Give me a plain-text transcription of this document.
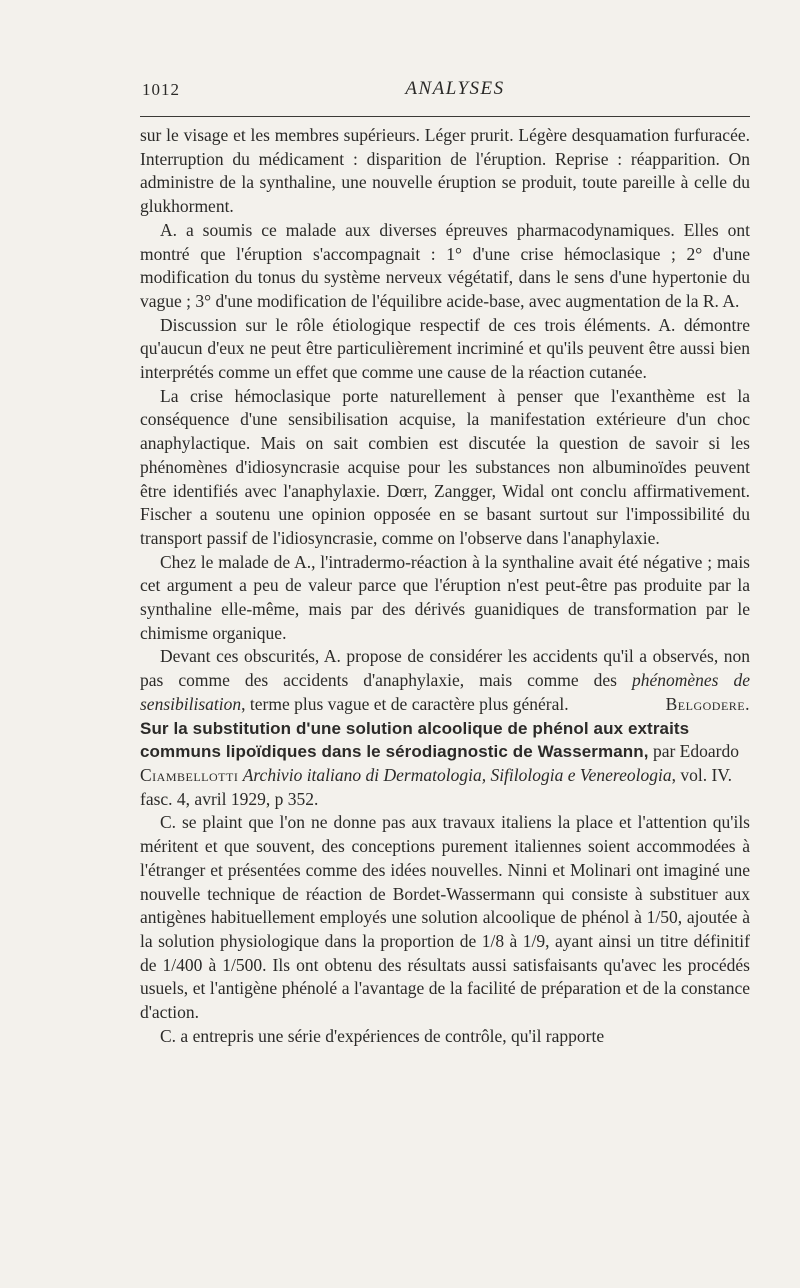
1012	ANALYSES

sur le visage et les membres supérieurs. Léger prurit. Légère desquamation furfuracée. Interruption du médicament : disparition de l'éruption. Reprise : réapparition. On administre de la synthaline, une nouvelle éruption se produit, toute pareille à celle du glukhorment.

A. a soumis ce malade aux diverses épreuves pharmacodynamiques. Elles ont montré que l'éruption s'accompagnait : 1° d'une crise hémoclasique ; 2° d'une modification du tonus du système nerveux végétatif, dans le sens d'une hypertonie du vague ; 3° d'une modification de l'équilibre acide-base, avec augmentation de la R. A.

Discussion sur le rôle étiologique respectif de ces trois éléments. A. démontre qu'aucun d'eux ne peut être particulièrement incriminé et qu'ils peuvent être aussi bien interprétés comme un effet que comme une cause de la réaction cutanée.

La crise hémoclasique porte naturellement à penser que l'exanthème est la conséquence d'une sensibilisation acquise, la manifestation extérieure d'un choc anaphylactique. Mais on sait combien est discutée la question de savoir si les phénomènes d'idiosyncrasie acquise pour les substances non albuminoïdes peuvent être identifiés avec l'anaphylaxie. Dœrr, Zangger, Widal ont conclu affirmativement. Fischer a soutenu une opinion opposée en se basant surtout sur l'impossibilité du transport passif de l'idiosyncrasie, comme on l'observe dans l'anaphylaxie.

Chez le malade de A., l'intradermo-réaction à la synthaline avait été négative ; mais cet argument a peu de valeur parce que l'éruption n'est peut-être pas produite par la synthaline elle-même, mais par des dérivés guanidiques de transformation par le chimisme organique.

Devant ces obscurités, A. propose de considérer les accidents qu'il a observés, non pas comme des accidents d'anaphylaxie, mais comme des phénomènes de sensibilisation, terme plus vague et de caractère plus général.	Belgodere.

Sur la substitution d'une solution alcoolique de phénol aux extraits communs lipoïdiques dans le sérodiagnostic de Wassermann, par Edoardo Ciambellotti Archivio italiano di Dermatologia, Sifilologia e Venereologia, vol. IV. fasc. 4, avril 1929, p 352.

C. se plaint que l'on ne donne pas aux travaux italiens la place et l'attention qu'ils méritent et que souvent, des conceptions purement italiennes soient accommodées à l'étranger et présentées comme des idées nouvelles. Ninni et Molinari ont imaginé une nouvelle technique de réaction de Bordet-Wassermann qui consiste à substituer aux antigènes habituellement employés une solution alcoolique de phénol à 1/50, ajoutée à la solution physiologique dans la proportion de 1/8 à 1/9, ayant ainsi un titre définitif de 1/400 à 1/500. Ils ont obtenu des résultats aussi satisfaisants qu'avec les procédés usuels, et l'antigène phénolé a l'avantage de la facilité de préparation et de la constance d'action.

C. a entrepris une série d'expériences de contrôle, qu'il rapporte
